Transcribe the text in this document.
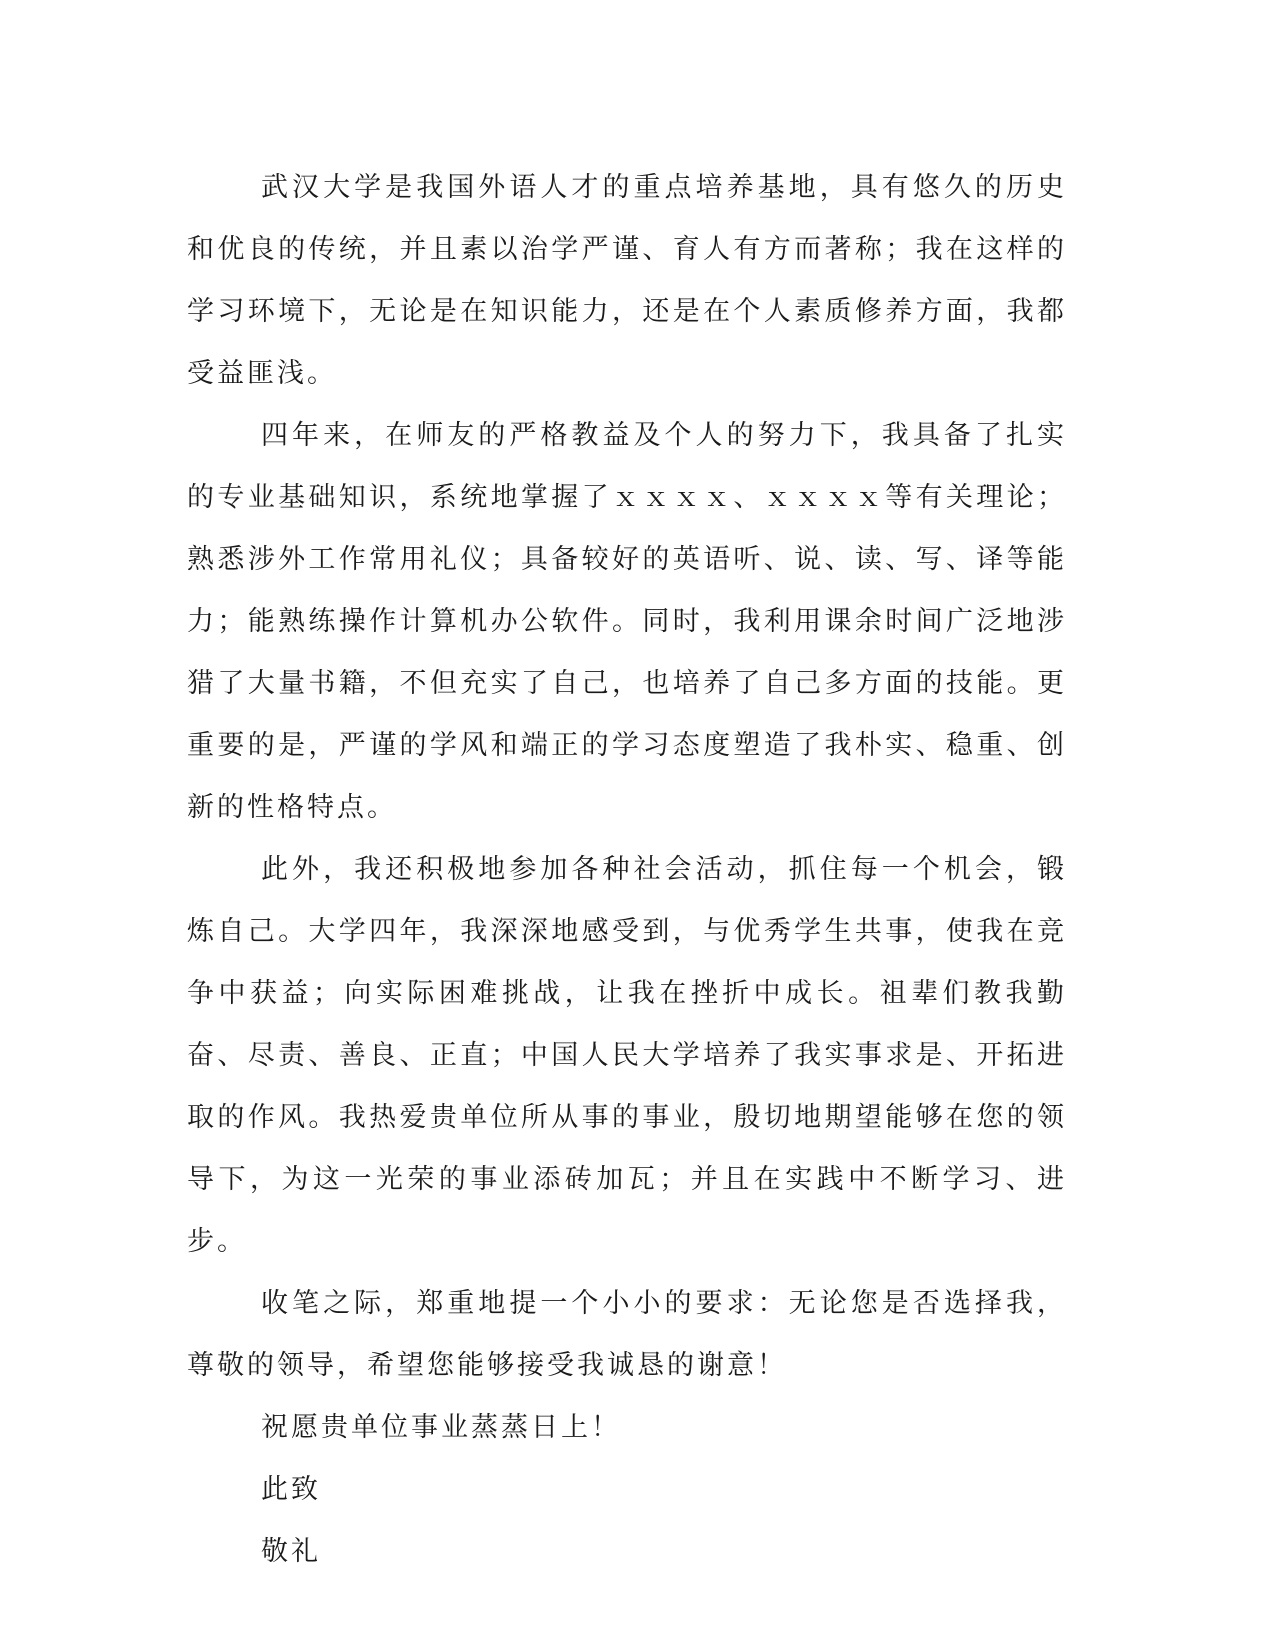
武汉大学是我国外语人才的重点培养基地，具有悠久的历史和优良的传统，并且素以治学严谨、育人有方而著称；我在这样的学习环境下，无论是在知识能力，还是在个人素质修养方面，我都受益匪浅。

四年来，在师友的严格教益及个人的努力下，我具备了扎实的专业基础知识，系统地掌握了ｘｘｘｘ、ｘｘｘｘ等有关理论；熟悉涉外工作常用礼仪；具备较好的英语听、说、读、写、译等能力；能熟练操作计算机办公软件。同时，我利用课余时间广泛地涉猎了大量书籍，不但充实了自己，也培养了自己多方面的技能。更重要的是，严谨的学风和端正的学习态度塑造了我朴实、稳重、创新的性格特点。

此外，我还积极地参加各种社会活动，抓住每一个机会，锻炼自己。大学四年，我深深地感受到，与优秀学生共事，使我在竞争中获益；向实际困难挑战，让我在挫折中成长。祖辈们教我勤奋、尽责、善良、正直；中国人民大学培养了我实事求是、开拓进取的作风。我热爱贵单位所从事的事业，殷切地期望能够在您的领导下，为这一光荣的事业添砖加瓦；并且在实践中不断学习、进步。

收笔之际，郑重地提一个小小的要求：无论您是否选择我，尊敬的领导，希望您能够接受我诚恳的谢意！

祝愿贵单位事业蒸蒸日上！

此致

敬礼
